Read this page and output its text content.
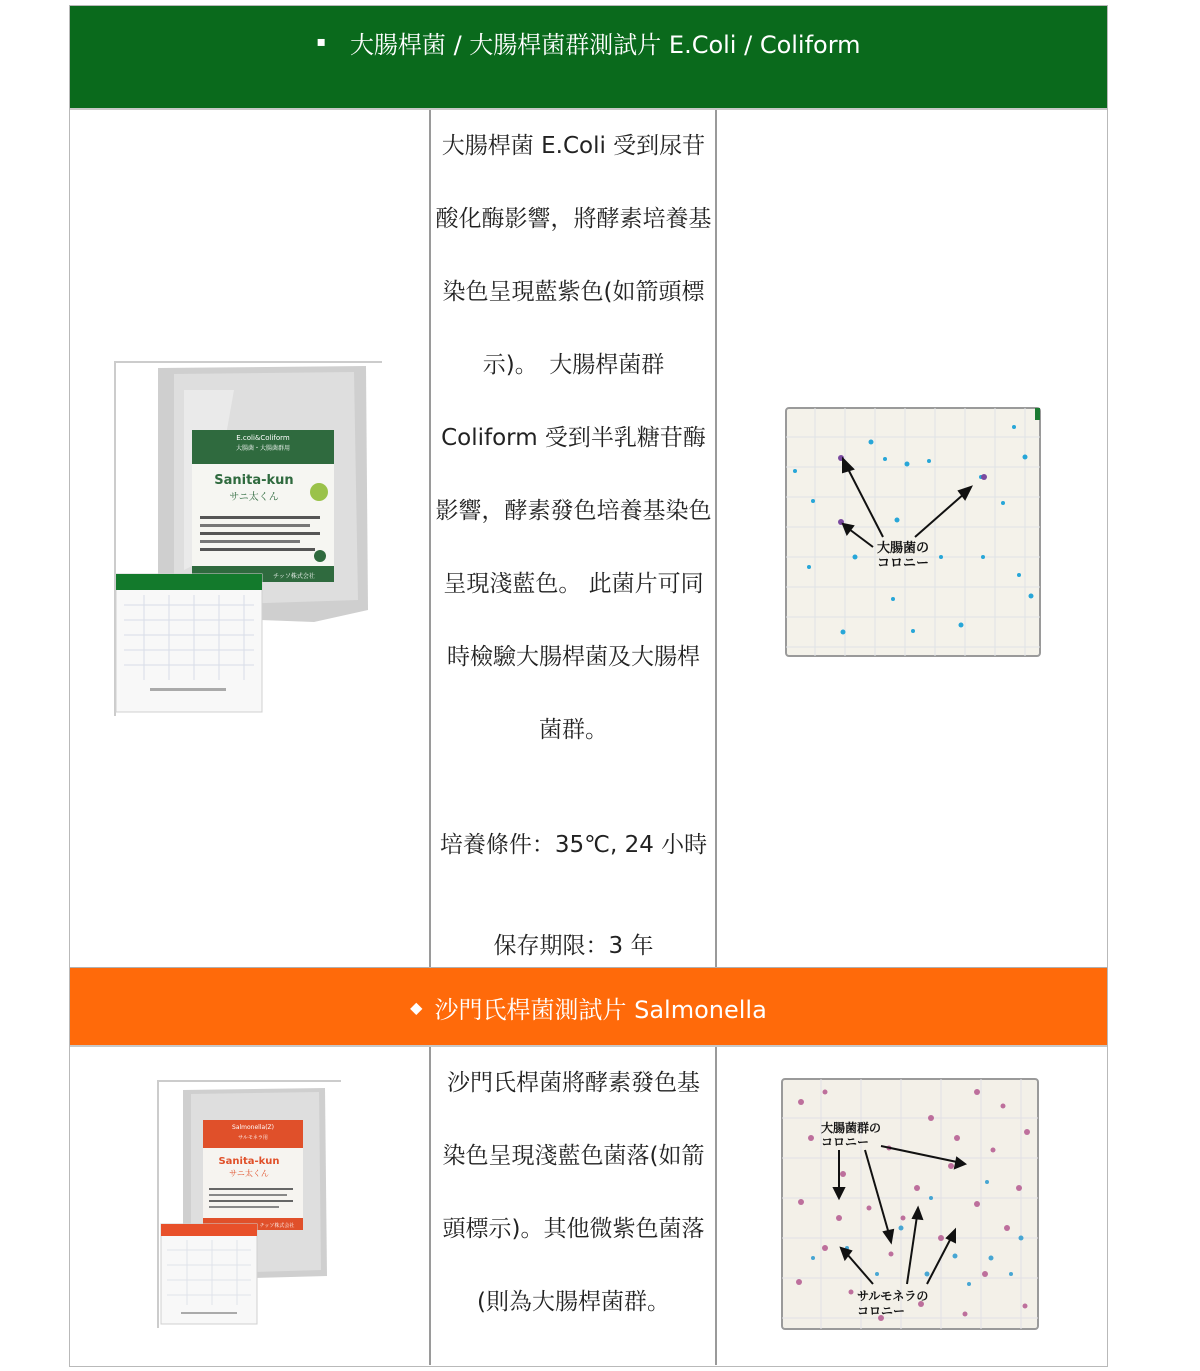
▪ 大腸桿菌 / 大腸桿菌群測試片 E.Coli / Coliform
E.coli&Coliform
大腸菌・大腸菌群用
Sanita-kun
サニ太くん
チッソ株式会社

大腸桿菌 E.Coli 受到尿苷

酸化酶影響，將酵素培養基

染色呈現藍紫色(如箭頭標

示)。　大腸桿菌群

Coliform 受到半乳糖苷酶

影響，酵素發色培養基染色

呈現淺藍色。 此菌片可同

時檢驗大腸桿菌及大腸桿

菌群。

培養條件：35℃, 24 小時

保存期限：3 年

大腸菌の
コロニー
◆ 沙門氏桿菌測試片 Salmonella
Salmonella(Z)
サルモネラ用
Sanita-kun
サニ太くん
チッソ株式会社

沙門氏桿菌將酵素發色基

染色呈現淺藍色菌落(如箭

頭標示)。其他微紫色菌落

(則為大腸桿菌群。

大腸菌群の
コロニー
サルモネラの
コロニー
